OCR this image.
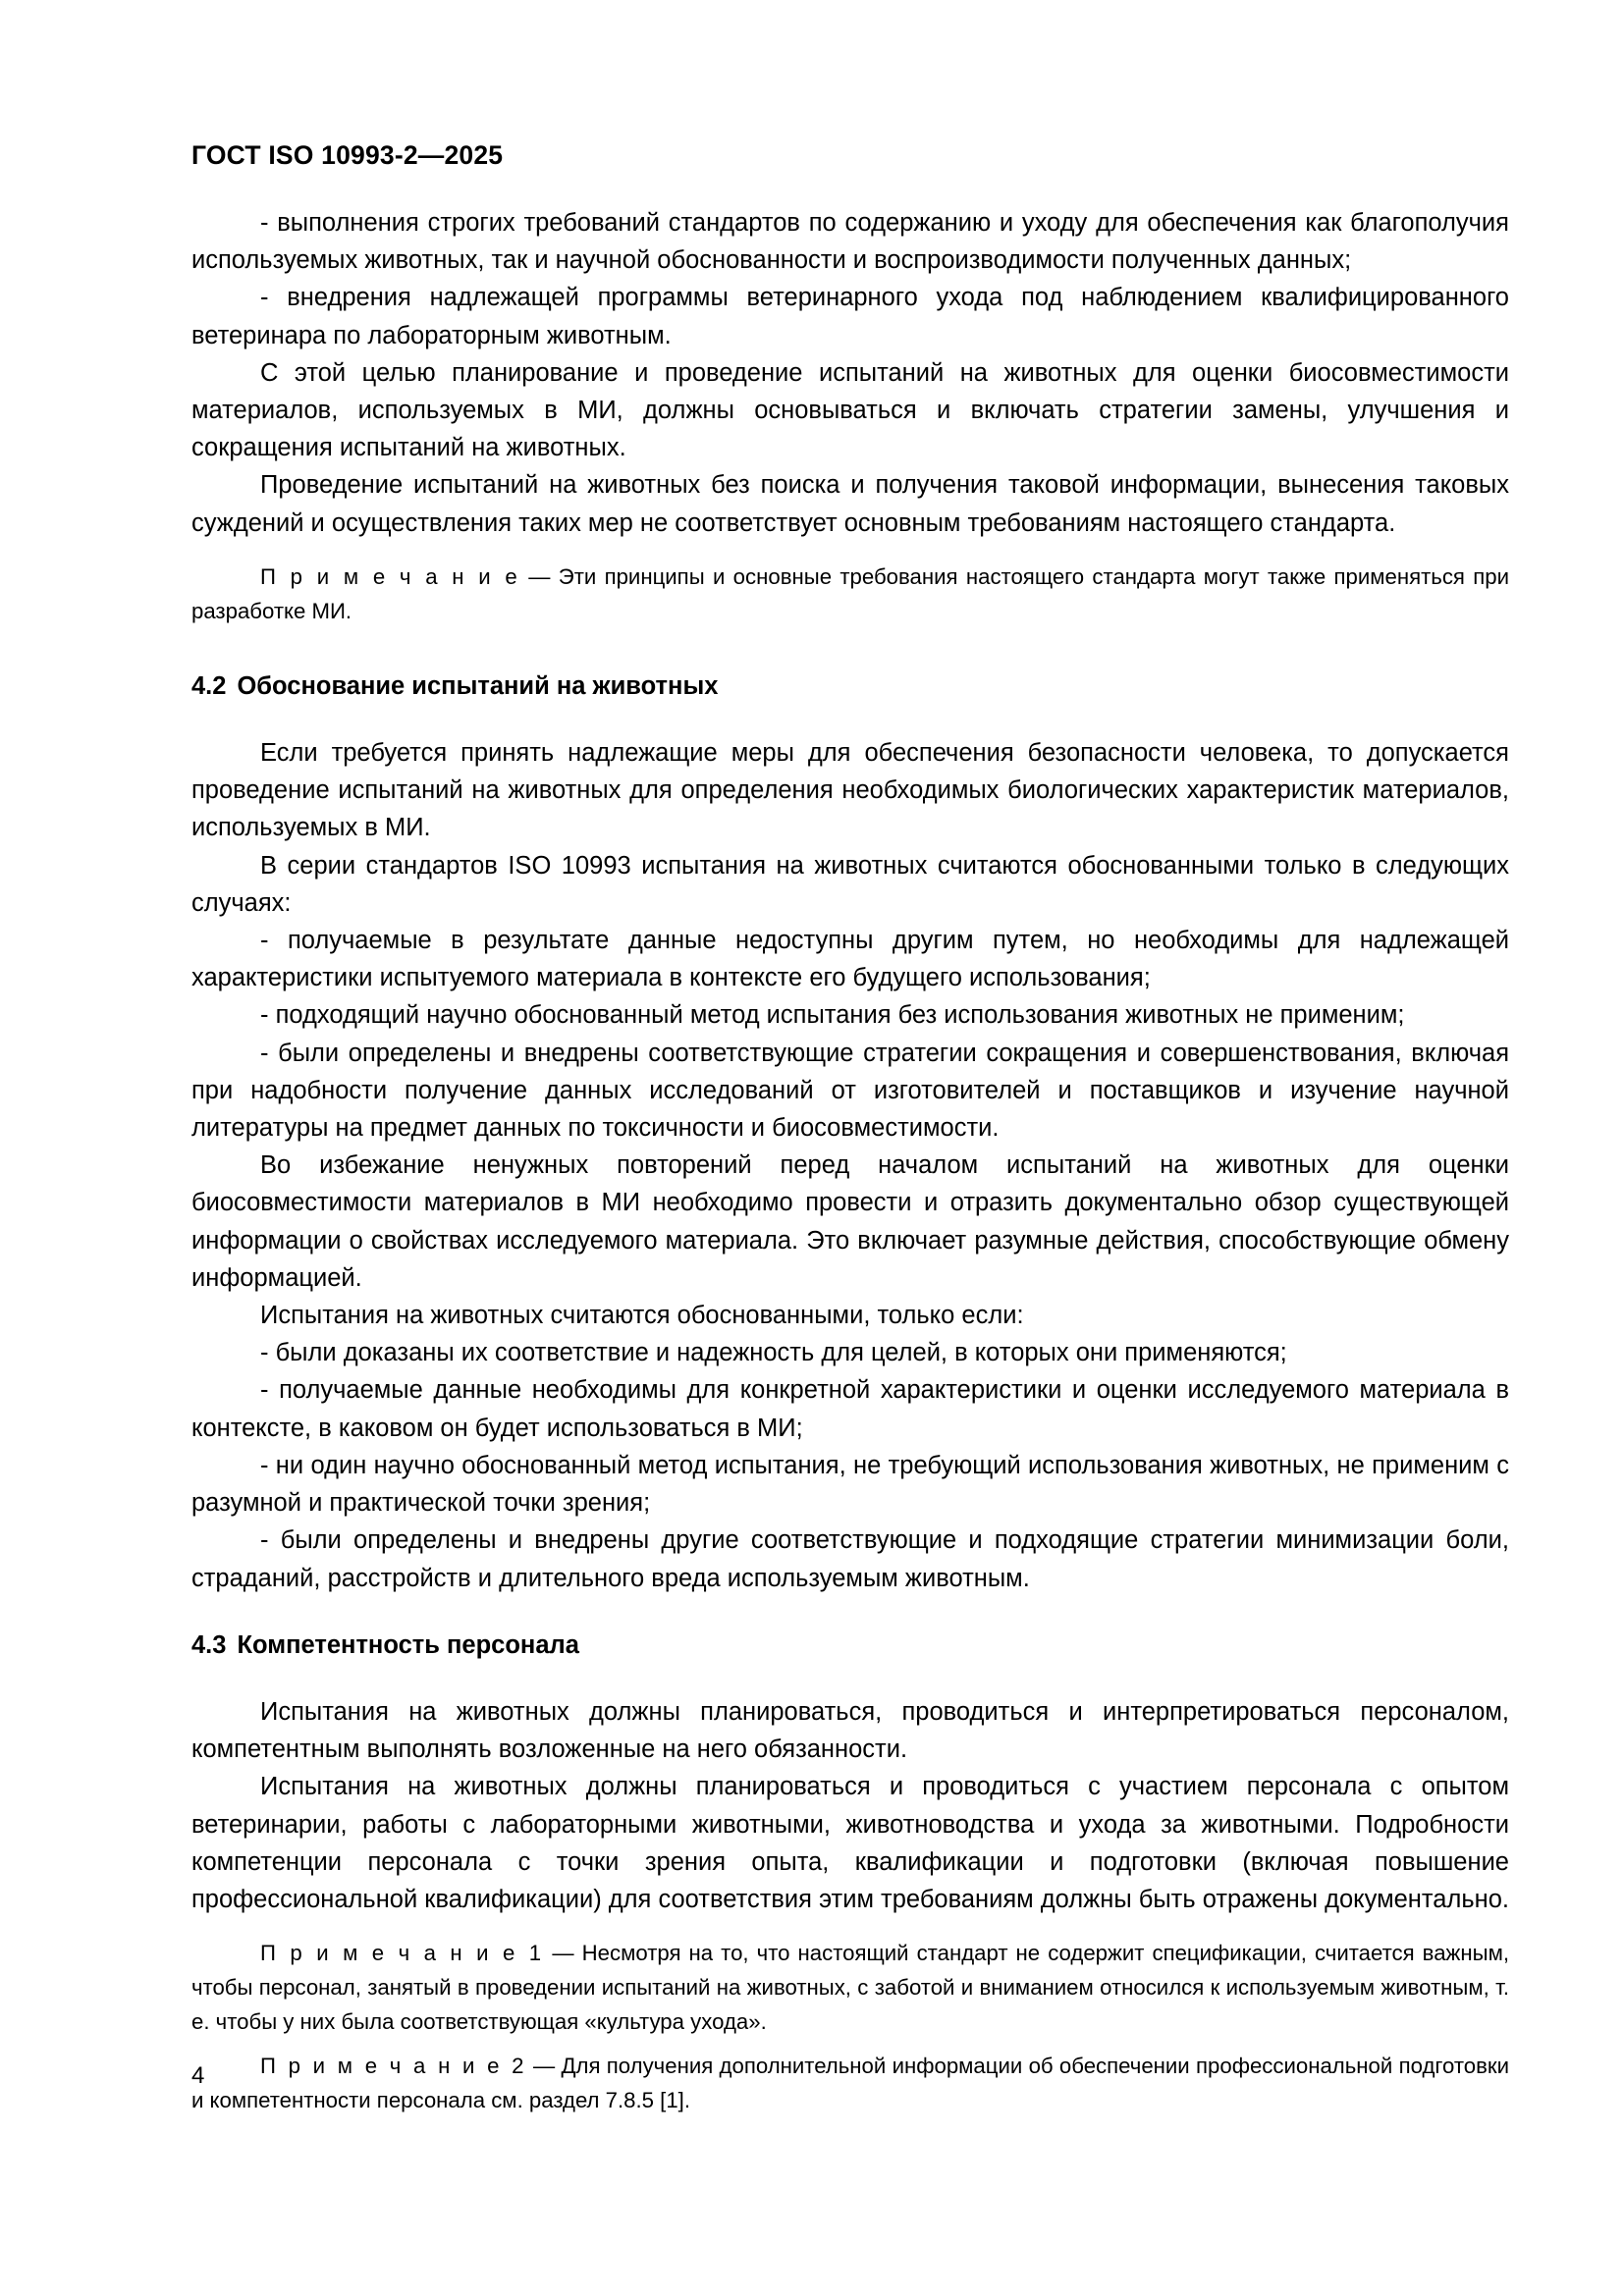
ГОСТ ISO 10993-2—2025

- выполнения строгих требований стандартов по содержанию и уходу для обеспечения как благополучия используемых животных, так и научной обоснованности и воспроизводимости полученных данных;

- внедрения надлежащей программы ветеринарного ухода под наблюдением квалифицированного ветеринара по лабораторным животным.

С этой целью планирование и проведение испытаний на животных для оценки биосовместимости материалов, используемых в МИ, должны основываться и включать стратегии замены, улучшения и сокращения испытаний на животных.

Проведение испытаний на животных без поиска и получения таковой информации, вынесения таковых суждений и осуществления таких мер не соответствует основным требованиям настоящего стандарта.

П р и м е ч а н и е — Эти принципы и основные требования настоящего стандарта могут также применяться при разработке МИ.

4.2 Обоснование испытаний на животных

Если требуется принять надлежащие меры для обеспечения безопасности человека, то допускается проведение испытаний на животных для определения необходимых биологических характеристик материалов, используемых в МИ.

В серии стандартов ISO 10993 испытания на животных считаются обоснованными только в следующих случаях:

- получаемые в результате данные недоступны другим путем, но необходимы для надлежащей характеристики испытуемого материала в контексте его будущего использования;

- подходящий научно обоснованный метод испытания без использования животных не применим;

- были определены и внедрены соответствующие стратегии сокращения и совершенствования, включая при надобности получение данных исследований от изготовителей и поставщиков и изучение научной литературы на предмет данных по токсичности и биосовместимости.

Во избежание ненужных повторений перед началом испытаний на животных для оценки биосовместимости материалов в МИ необходимо провести и отразить документально обзор существующей информации о свойствах исследуемого материала. Это включает разумные действия, способствующие обмену информацией.

Испытания на животных считаются обоснованными, только если:

- были доказаны их соответствие и надежность для целей, в которых они применяются;

- получаемые данные необходимы для конкретной характеристики и оценки исследуемого материала в контексте, в каковом он будет использоваться в МИ;

- ни один научно обоснованный метод испытания, не требующий использования животных, не применим с разумной и практической точки зрения;

- были определены и внедрены другие соответствующие и подходящие стратегии минимизации боли, страданий, расстройств и длительного вреда используемым животным.

4.3 Компетентность персонала

Испытания на животных должны планироваться, проводиться и интерпретироваться персоналом, компетентным выполнять возложенные на него обязанности.

Испытания на животных должны планироваться и проводиться с участием персонала с опытом ветеринарии, работы с лабораторными животными, животноводства и ухода за животными. Подробности компетенции персонала с точки зрения опыта, квалификации и подготовки (включая повышение профессиональной квалификации) для соответствия этим требованиям должны быть отражены документально.

П р и м е ч а н и е 1 — Несмотря на то, что настоящий стандарт не содержит спецификации, считается важным, чтобы персонал, занятый в проведении испытаний на животных, с заботой и вниманием относился к используемым животным, т. е. чтобы у них была соответствующая «культура ухода».

П р и м е ч а н и е 2 — Для получения дополнительной информации об обеспечении профессиональной подготовки и компетентности персонала см. раздел 7.8.5 [1].

4
